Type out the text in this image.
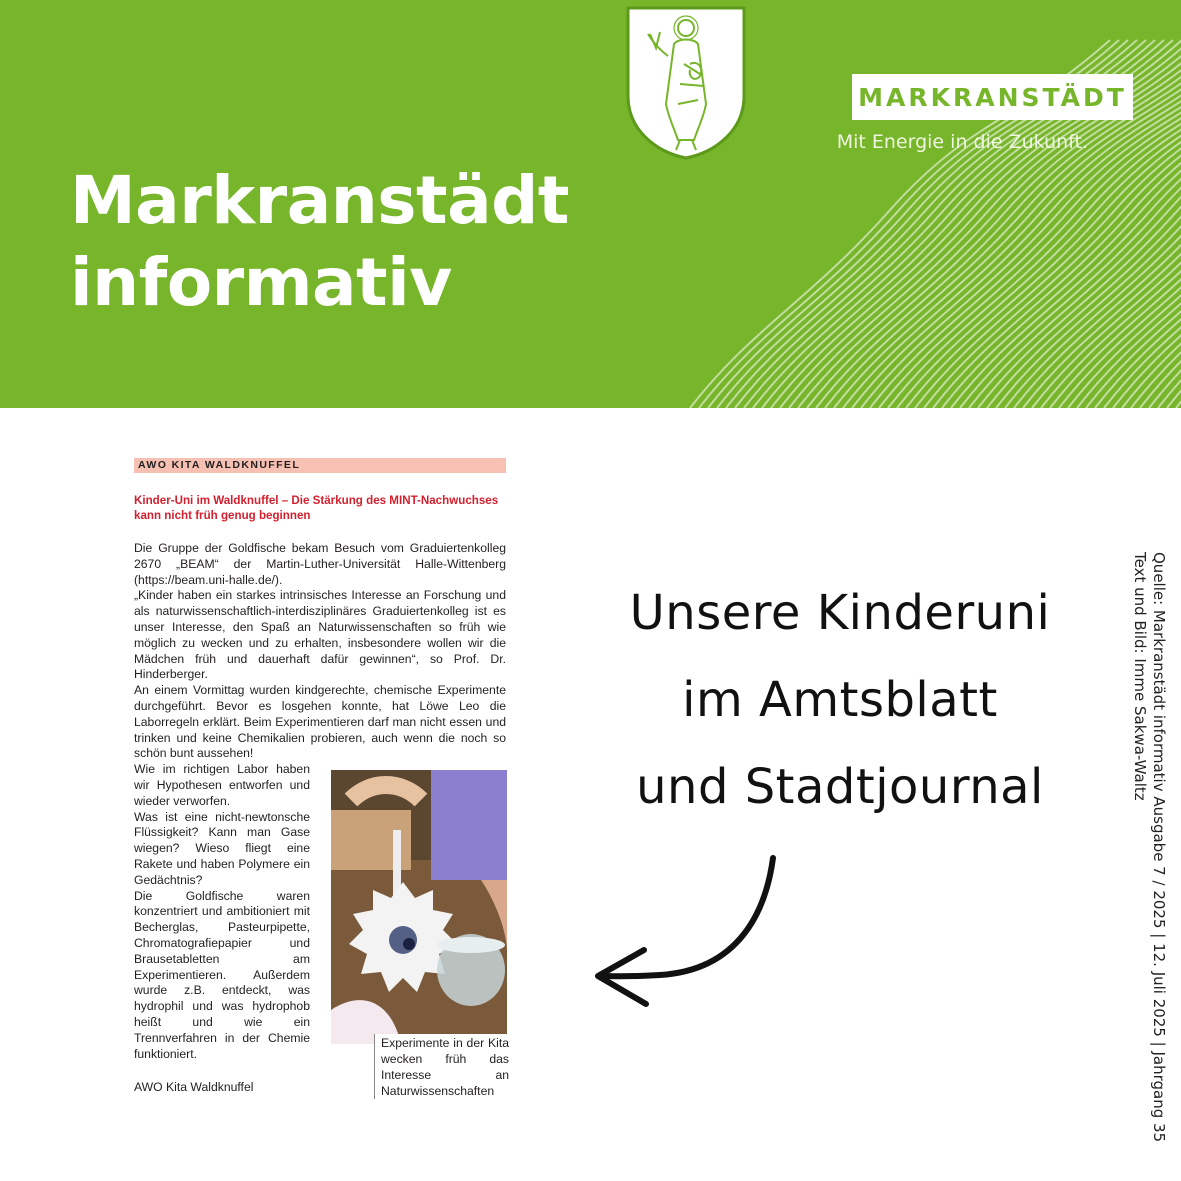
MARKRANSTÄDT
Mit Energie in die Zukunft.
Markranstädt
informativ
AWO KITA WALDKNUFFEL
Kinder-Uni im Waldknuffel – Die Stärkung des MINT-Nachwuchses kann nicht früh genug beginnen

Die Gruppe der Goldfische bekam Besuch vom Graduiertenkolleg 2670 „BEAM“ der Martin-Luther-Universität Halle-Wittenberg (https://beam.uni-halle.de/).

„Kinder haben ein starkes intrinsisches Interesse an Forschung und als naturwissenschaftlich-interdisziplinäres Graduiertenkolleg ist es unser Interesse, den Spaß an Naturwissenschaften so früh wie möglich zu wecken und zu erhalten, insbesondere wollen wir die Mädchen früh und dauerhaft dafür gewinnen“, so Prof. Dr. Hinderberger.

An einem Vormittag wurden kindgerechte, chemische Experimente durchgeführt. Bevor es losgehen konnte, hat Löwe Leo die Laborregeln erklärt. Beim Experimentieren darf man nicht essen und trinken und keine Chemikalien probieren, auch wenn die noch so schön bunt aussehen!

Wie im richtigen Labor haben wir Hypothesen entworfen und wieder verworfen.

Was ist eine nicht-newtonsche Flüssigkeit? Kann man Gase wiegen? Wieso fliegt eine Rakete und haben Polymere ein Gedächtnis?

Die Goldfische waren konzentriert und ambitioniert mit Becherglas, Pasteurpipette, Chromatografiepapier und Brausetabletten am Experimentieren. Außerdem wurde z.B. entdeckt, was hydrophil und was hydrophob heißt und wie ein Trennverfahren in der Chemie funktioniert.

Experimente in der Kita wecken früh das Interesse an Naturwissenschaften
AWO Kita Waldknuffel
Unsere Kinderuni
im Amtsblatt
und Stadtjournal	Quelle: Markranstädt informativ Ausgabe 7 / 2025 | 12. Juli 2025 | Jahrgang 35
Text und Bild: Imme Sakwa-Waltz
